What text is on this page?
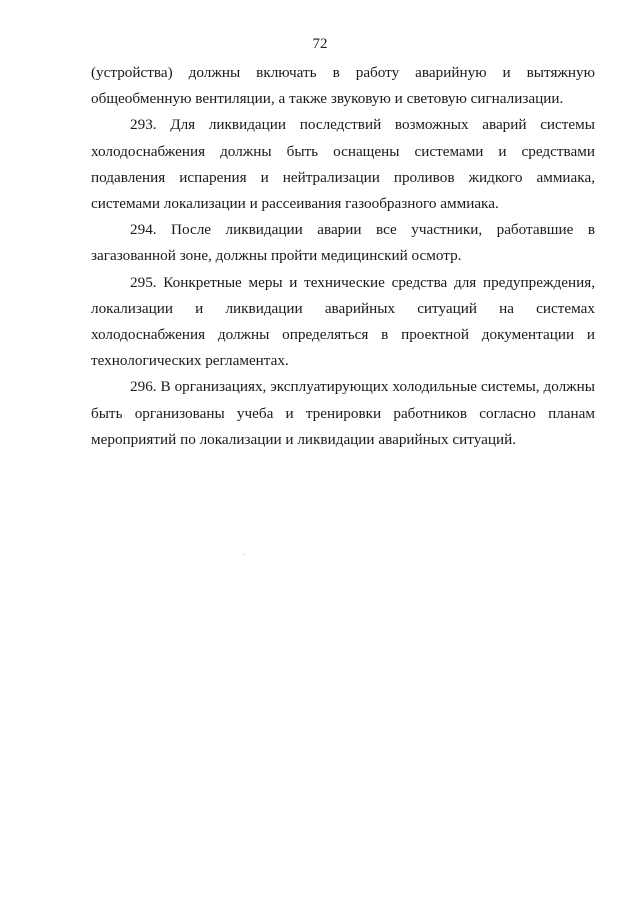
72

(устройства) должны включать в работу аварийную и вытяжную общеобменную вентиляции, а также звуковую и световую сигнализации.

293. Для ликвидации последствий возможных аварий системы холодоснабжения должны быть оснащены системами и средствами подавления испарения и нейтрализации проливов жидкого аммиака, системами локализации и рассеивания газообразного аммиака.

294. После ликвидации аварии все участники, работавшие в загазованной зоне, должны пройти медицинский осмотр.

295. Конкретные меры и технические средства для предупреждения, локализации и ликвидации аварийных ситуаций на системах холодоснабжения должны определяться в проектной документации и технологических регламентах.

296. В организациях, эксплуатирующих холодильные системы, должны быть организованы учеба и тренировки работников согласно планам мероприятий по локализации и ликвидации аварийных ситуаций.
